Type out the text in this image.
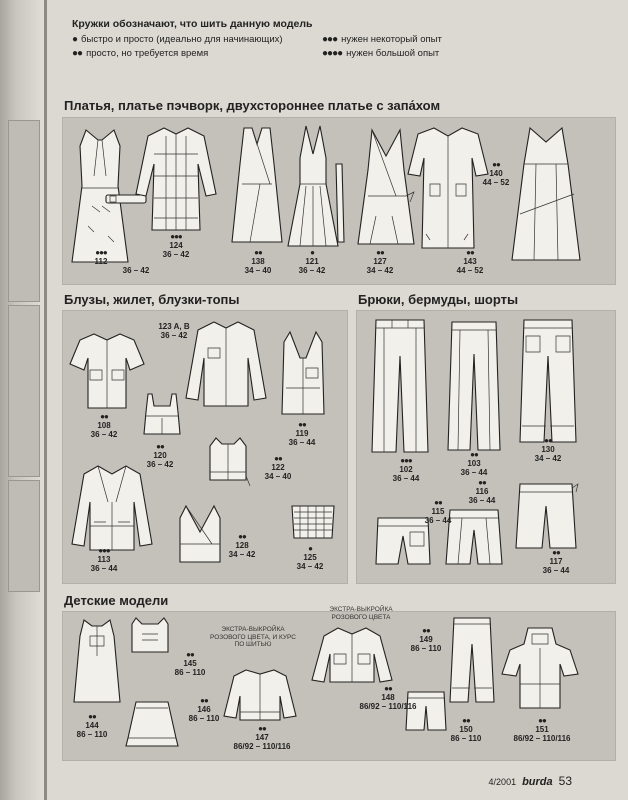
Кружки обозначают, что шить данную модель
● быстро и просто (идеально для начинающих)	●●● нужен некоторый опыт
●● просто, но требуется время	●●●● нужен большой опыт
Платья, платье пэчворк, двухстороннее платье с запа́хом
●●●
112
36 – 42
●●●
124
36 – 42	●●
138
34 – 40
●
121
36 – 42
●●
127
34 – 42
●●
140
44 – 52
●●
143
44 – 52
Блузы, жилет, блузки-топы
123 A, B
36 – 42
●●
108
36 – 42
●●
120
36 – 42
●●
119
36 – 44
●●
122
34 – 40
●●●
113
36 – 44
●●
128
34 – 42
●
125
34 – 42
Брюки, бермуды, шорты
●●●
102
36 – 44
●●
103
36 – 44
●●
130
34 – 42
●●
115
36 – 44
●●
116
36 – 44
●●
117
36 – 44
Детские модели
●●
144
86 – 110
●●
145
86 – 110
●●
146
86 – 110
ЭКСТРА-ВЫКРОЙКА РОЗОВОГО ЦВЕТА, И КУРС ПО ШИТЬЮ
●●
147
86/92 – 110/116
ЭКСТРА-ВЫКРОЙКА РОЗОВОГО ЦВЕТА
●●
148
86/92 – 110/116
●●
149
86 – 110
●●
150
86 – 110
●●
151
86/92 – 110/116
4/2001 burda 53
